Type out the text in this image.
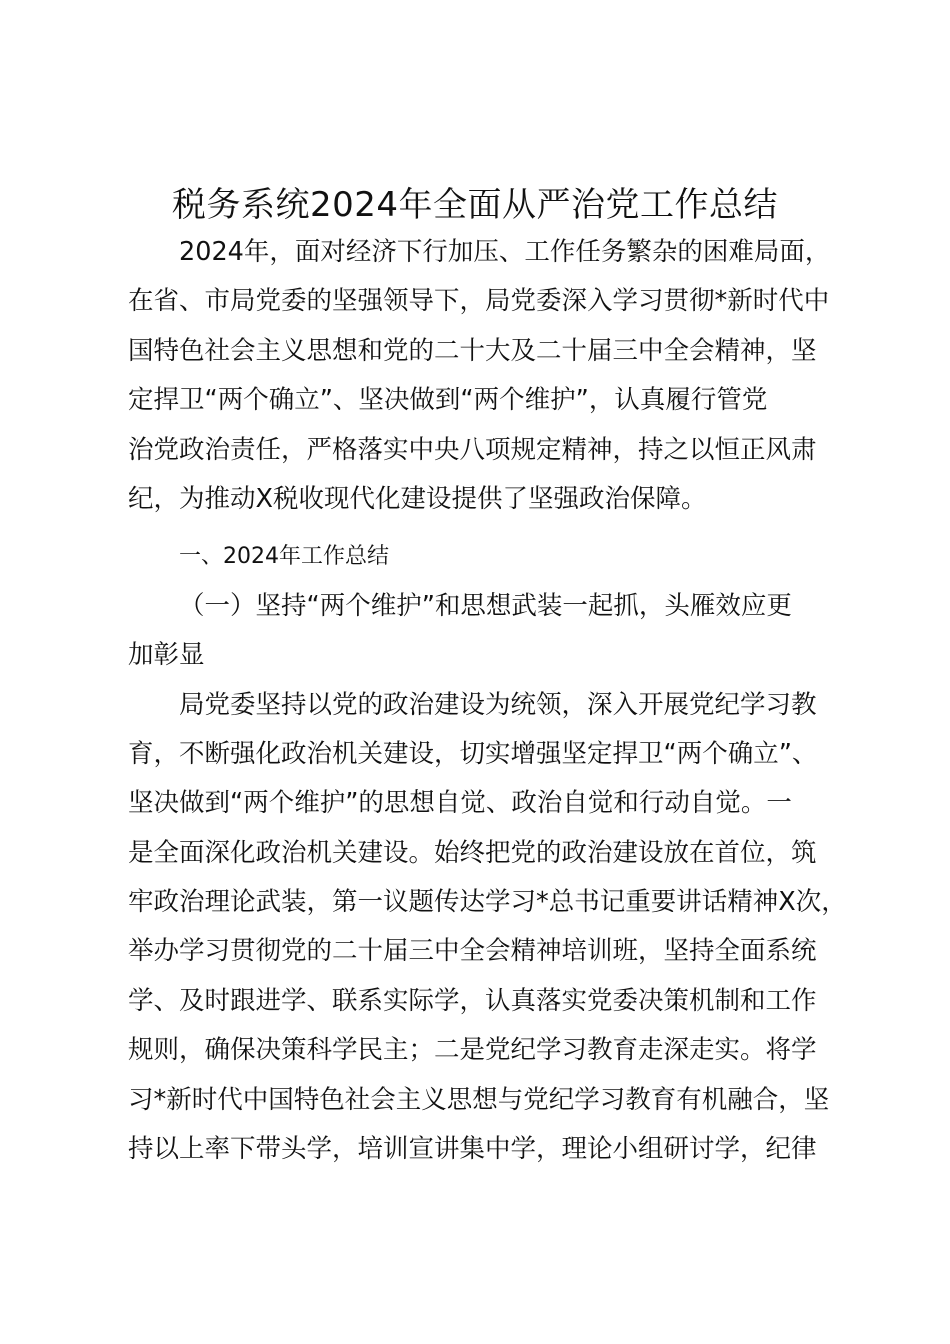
税务系统2024年全面从严治党工作总结

2024年，面对经济下行加压、工作任务繁杂的困难局面，

在省、市局党委的坚强领导下，局党委深入学习贯彻*新时代中

国特色社会主义思想和党的二十大及二十届三中全会精神，坚

定捍卫“两个确立”、坚决做到“两个维护”，认真履行管党

治党政治责任，严格落实中央八项规定精神，持之以恒正风肃

纪，为推动X税收现代化建设提供了坚强政治保障。

一、2024年工作总结

（一）坚持“两个维护”和思想武装一起抓，头雁效应更

加彰显

局党委坚持以党的政治建设为统领，深入开展党纪学习教

育，不断强化政治机关建设，切实增强坚定捍卫“两个确立”、

坚决做到“两个维护”的思想自觉、政治自觉和行动自觉。一

是全面深化政治机关建设。始终把党的政治建设放在首位，筑

牢政治理论武装，第一议题传达学习*总书记重要讲话精神X次，

举办学习贯彻党的二十届三中全会精神培训班，坚持全面系统

学、及时跟进学、联系实际学，认真落实党委决策机制和工作

规则，确保决策科学民主；二是党纪学习教育走深走实。将学

习*新时代中国特色社会主义思想与党纪学习教育有机融合，坚

持以上率下带头学，培训宣讲集中学，理论小组研讨学，纪律
